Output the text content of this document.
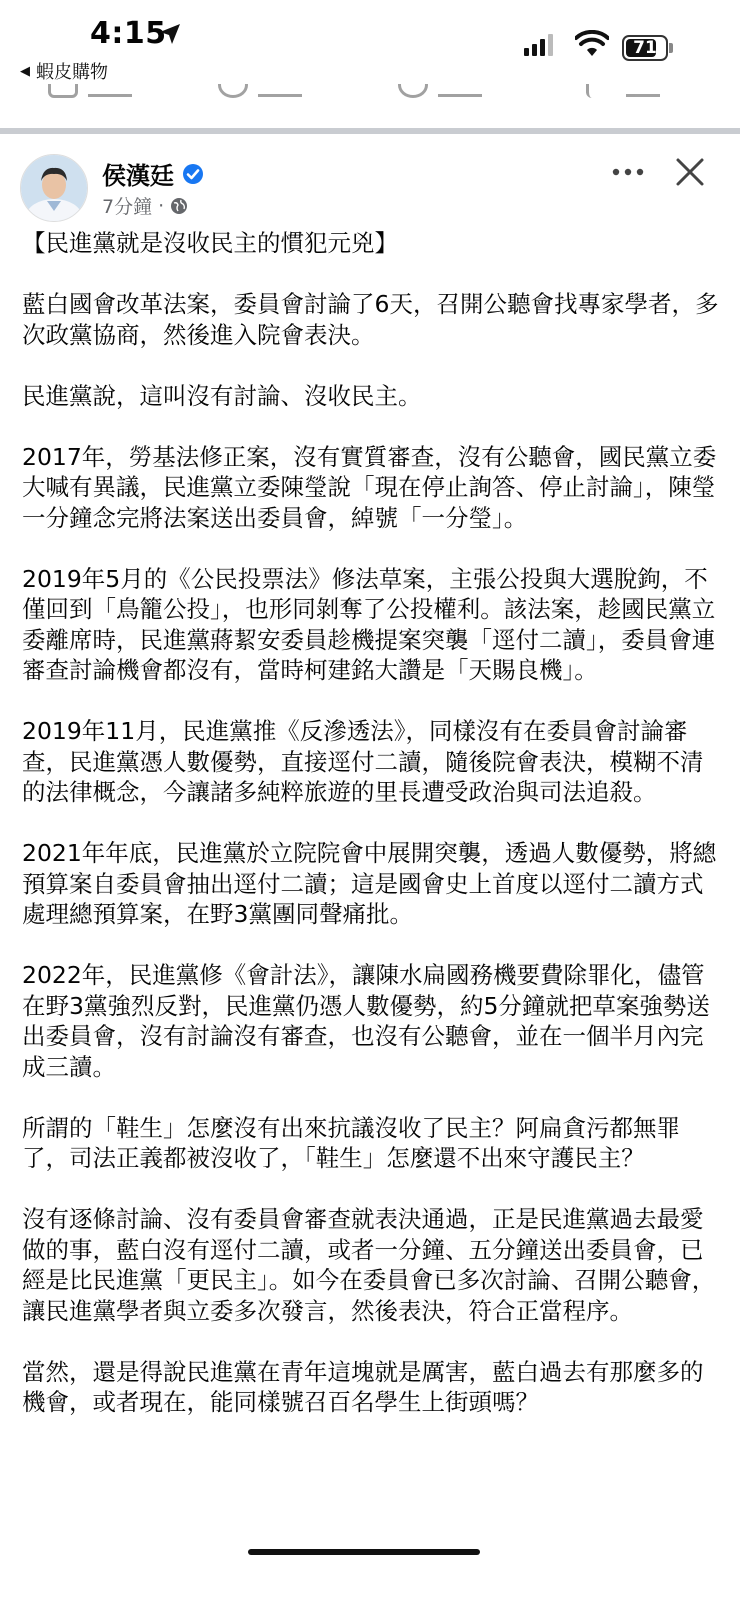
4:15
◀ 蝦皮購物
71
侯漢廷
7分鐘 ·

【民進黨就是沒收民主的慣犯元兇】

藍白國會改革法案，委員會討論了6天，召開公聽會找專家學者，多次政黨協商，然後進入院會表決。

民進黨說，這叫沒有討論、沒收民主。

2017年，勞基法修正案，沒有實質審查，沒有公聽會，國民黨立委大喊有異議，民進黨立委陳瑩說「現在停止詢答、停止討論」，陳瑩一分鐘念完將法案送出委員會，綽號「一分瑩」。

2019年5月的《公民投票法》修法草案，主張公投與大選脫鉤，不僅回到「鳥籠公投」，也形同剝奪了公投權利。該法案，趁國民黨立委離席時，民進黨蔣絜安委員趁機提案突襲「逕付二讀」，委員會連審查討論機會都沒有，當時柯建銘大讚是「天賜良機」。

2019年11月，民進黨推《反滲透法》，同樣沒有在委員會討論審查，民進黨憑人數優勢，直接逕付二讀，隨後院會表決，模糊不清的法律概念，今讓諸多純粹旅遊的里長遭受政治與司法追殺。

2021年年底，民進黨於立院院會中展開突襲，透過人數優勢，將總預算案自委員會抽出逕付二讀；這是國會史上首度以逕付二讀方式處理總預算案，在野3黨團同聲痛批。

2022年，民進黨修《會計法》，讓陳水扁國務機要費除罪化，儘管在野3黨強烈反對，民進黨仍憑人數優勢，約5分鐘就把草案強勢送出委員會，沒有討論沒有審查，也沒有公聽會，並在一個半月內完成三讀。

所謂的「鞋生」怎麼沒有出來抗議沒收了民主？阿扁貪污都無罪了，司法正義都被沒收了，「鞋生」怎麼還不出來守護民主？

沒有逐條討論、沒有委員會審查就表決通過，正是民進黨過去最愛做的事，藍白沒有逕付二讀，或者一分鐘、五分鐘送出委員會，已經是比民進黨「更民主」。如今在委員會已多次討論、召開公聽會，讓民進黨學者與立委多次發言，然後表決，符合正當程序。

當然，還是得說民進黨在青年這塊就是厲害，藍白過去有那麼多的機會，或者現在，能同樣號召百名學生上街頭嗎？
